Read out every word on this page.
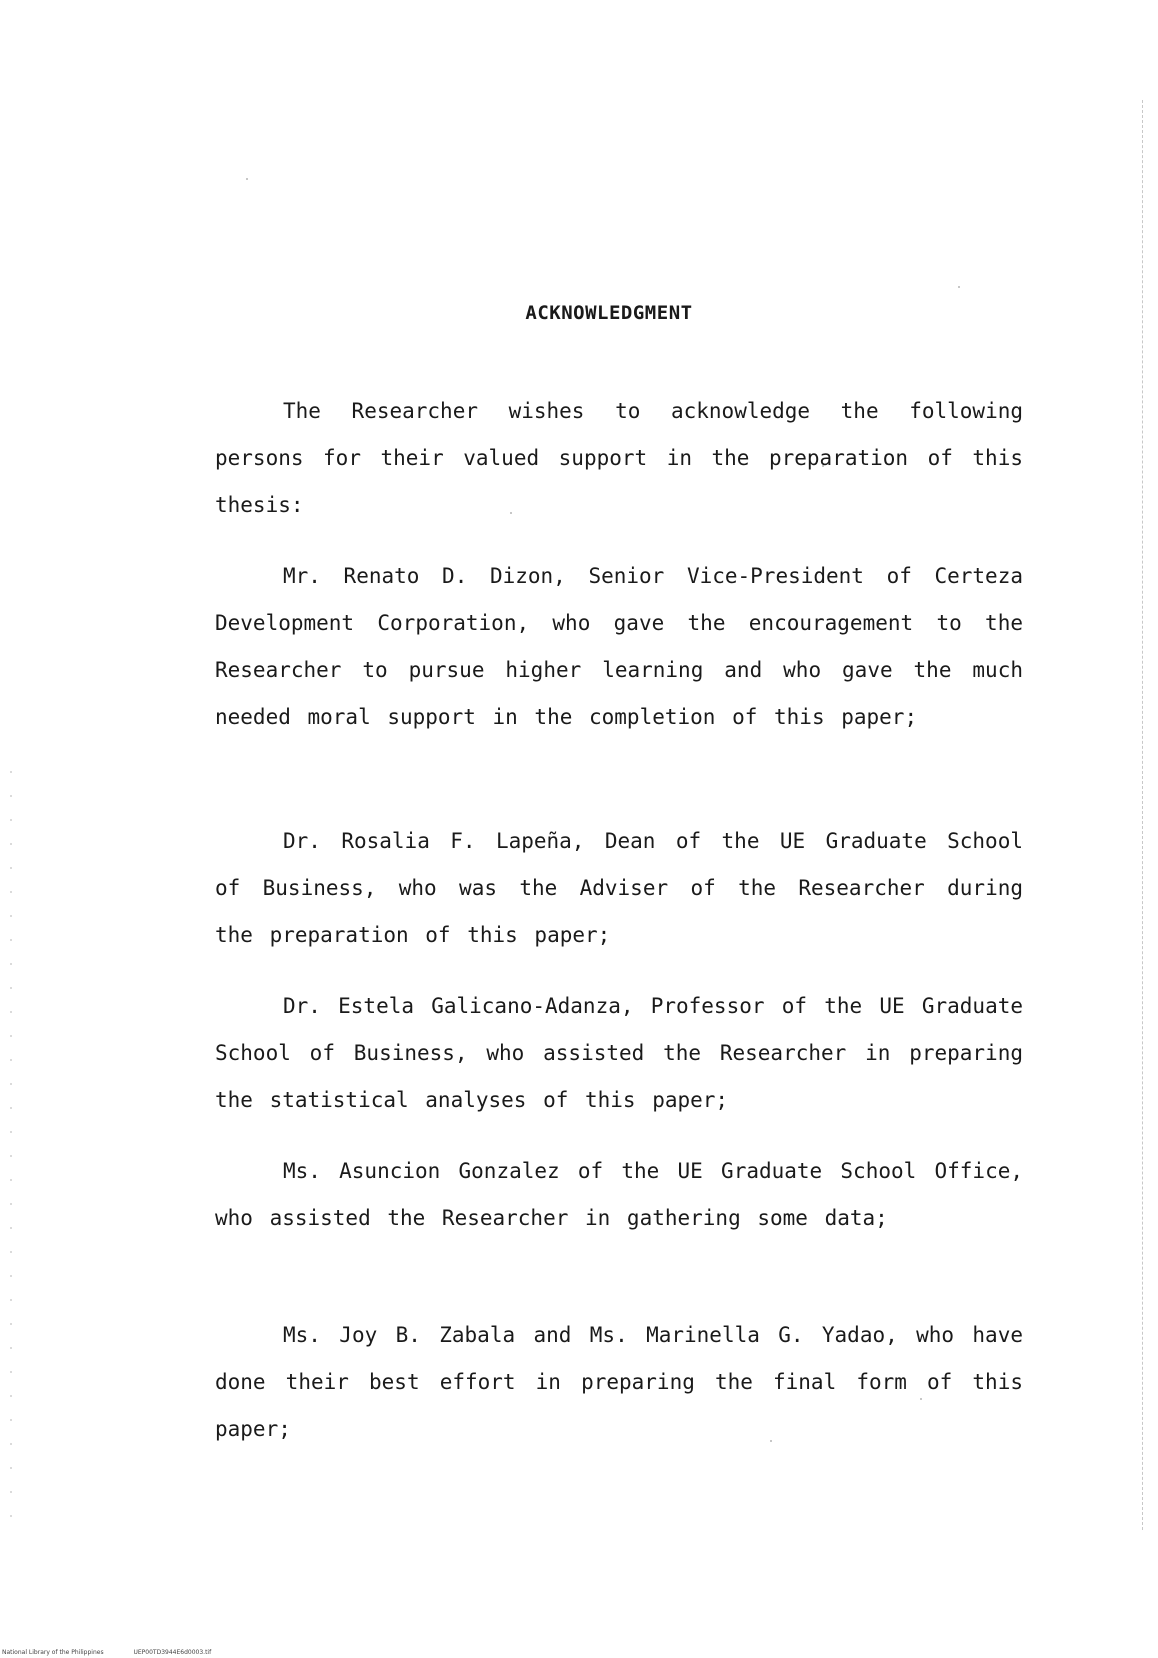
ACKNOWLEDGMENT

The Researcher wishes to acknowledge the following persons for their valued support in the preparation of this thesis:

Mr. Renato D. Dizon, Senior Vice-President of Certeza Development Corporation, who gave the encouragement to the Researcher to pursue higher learning and who gave the much needed moral support in the completion of this paper;

Dr. Rosalia F. Lapeña, Dean of the UE Graduate School of Business, who was the Adviser of the Researcher during the preparation of this paper;

Dr. Estela Galicano-Adanza, Professor of the UE Graduate School of Business, who assisted the Researcher in preparing the statistical analyses of this paper;

Ms. Asuncion Gonzalez of the UE Graduate School Office, who assisted the Researcher in gathering some data;

Ms. Joy B. Zabala and Ms. Marinella G. Yadao, who have done their best effort in preparing the final form of this paper;

National Library of the Philippines	UEP00TD3944E6d0003.tif
